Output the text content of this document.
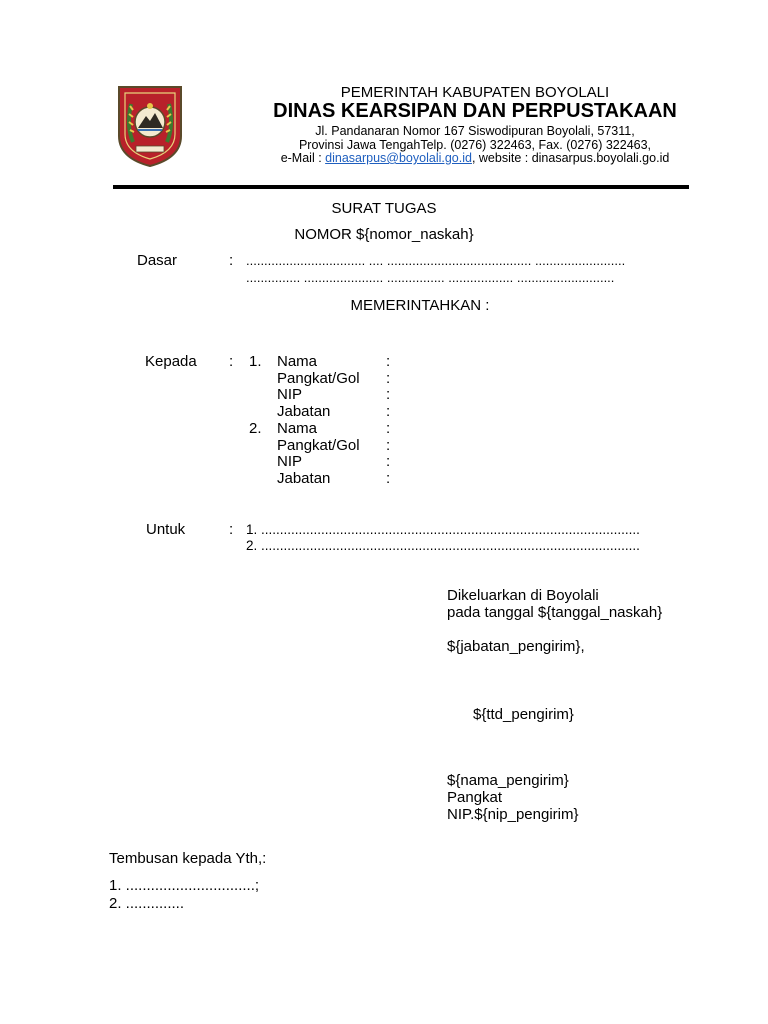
PEMERINTAH KABUPATEN BOYOLALI
DINAS KEARSIPAN DAN PERPUSTAKAAN
Jl. Pandanaran Nomor 167 Siswodipuran Boyolali, 57311,
Provinsi Jawa TengahTelp. (0276) 322463, Fax. (0276) 322463,
e-Mail : dinasarpus@boyolali.go.id, website : dinasarpus.boyolali.go.id
SURAT TUGAS
NOMOR ${nomor_naskah}
Dasar	: ................................. .... ........................................ .........................
............... ...................... ................ .................. ...........................
MEMERINTAHKAN :
Kepada : 1. Nama	:
Pangkat/Gol :
NIP	:
Jabatan	:
2. Nama	:
Pangkat/Gol :
NIP	:
Jabatan	:
Untuk	: 1. .....................................................................................................
2. .....................................................................................................
Dikeluarkan di Boyolali
pada tanggal ${tanggal_naskah}
${jabatan_pengirim},
${ttd_pengirim}
${nama_pengirim}
Pangkat
NIP.${nip_pengirim}
Tembusan kepada Yth,:
1. ...............................;
2. ..............
